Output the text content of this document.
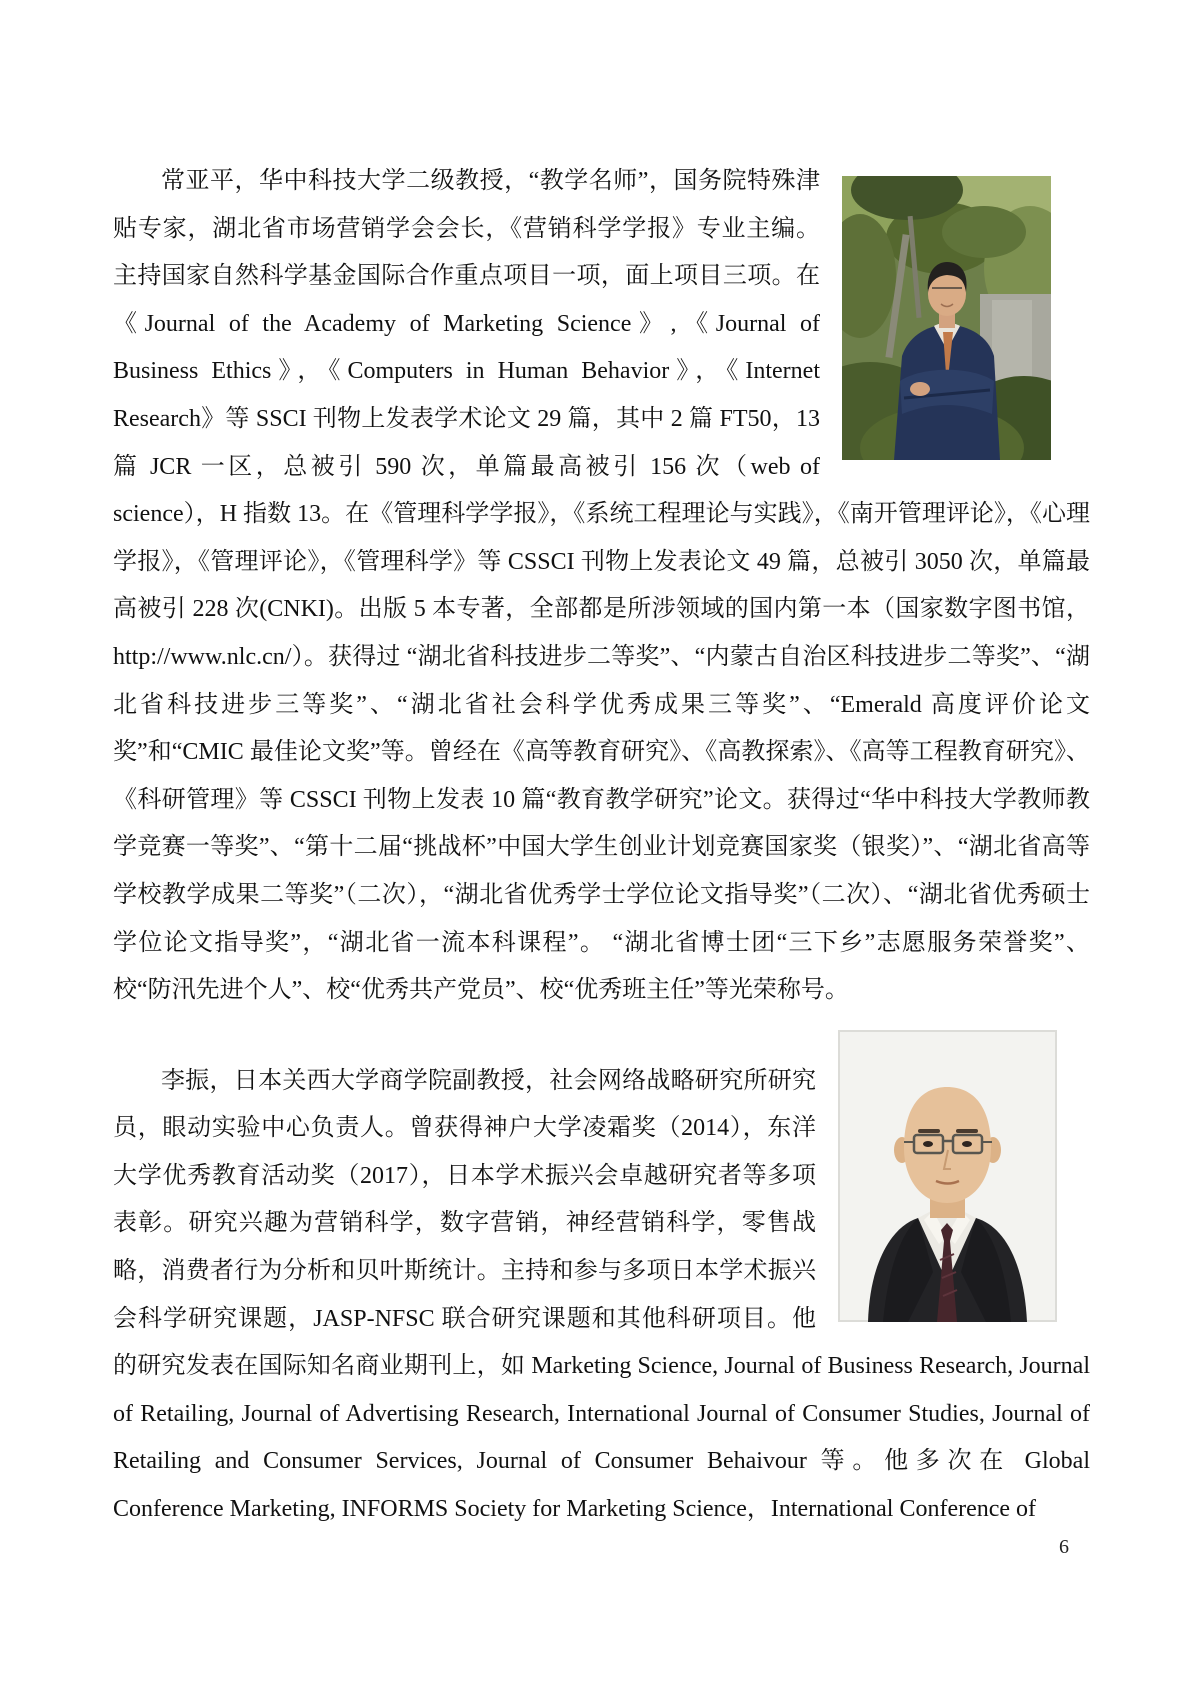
常亚平，华中科技大学二级教授，“教学名师”，国务院特殊津贴专家，湖北省市场营销学会会长，《营销科学学报》专业主编。主持国家自然科学基金国际合作重点项目一项，面上项目三项。在《Journal of the Academy of Marketing Science》,《Journal of Business Ethics》，《Computers in Human Behavior》，《Internet Research》等 SSCI 刊物上发表学术论文 29 篇，其中 2 篇 FT50，13 篇 JCR 一区，总被引 590 次，单篇最高被引 156 次（web of science），H 指数 13。在《管理科学学报》，《系统工程理论与实践》，《南开管理评论》，《心理学报》，《管理评论》，《管理科学》等 CSSCI 刊物上发表论文 49 篇，总被引 3050 次，单篇最高被引 228 次(CNKI)。出版 5 本专著，全部都是所涉领域的国内第一本（国家数字图书馆，http://www.nlc.cn/）。获得过 “湖北省科技进步二等奖”、“内蒙古自治区科技进步二等奖”、“湖北省科技进步三等奖”、“湖北省社会科学优秀成果三等奖”、“Emerald 高度评价论文奖”和“CMIC 最佳论文奖”等。曾经在《高等教育研究》、《高教探索》、《高等工程教育研究》、《科研管理》等 CSSCI 刊物上发表 10 篇“教育教学研究”论文。获得过“华中科技大学教师教学竞赛一等奖”、“第十二届“挑战杯”中国大学生创业计划竞赛国家奖（银奖）”、“湖北省高等学校教学成果二等奖”（二次），“湖北省优秀学士学位论文指导奖”（二次）、“湖北省优秀硕士学位论文指导奖”，“湖北省一流本科课程”。 “湖北省博士团“三下乡”志愿服务荣誉奖”、校“防汛先进个人”、校“优秀共产党员”、校“优秀班主任”等光荣称号。

李振，日本关西大学商学院副教授，社会网络战略研究所研究员，眼动实验中心负责人。曾获得神户大学凌霜奖（2014），东洋大学优秀教育活动奖（2017），日本学术振兴会卓越研究者等多项表彰。研究兴趣为营销科学，数字营销，神经营销科学，零售战略，消费者行为分析和贝叶斯统计。主持和参与多项日本学术振兴会科学研究课题，JASP-NFSC 联合研究课题和其他科研项目。他的研究发表在国际知名商业期刊上，如 Marketing Science, Journal of Business Research, Journal of Retailing, Journal of Advertising Research, International Journal of Consumer Studies, Journal of Retailing and Consumer Services, Journal of Consumer Behaivour 等。他多次在 Global Conference Marketing, INFORMS Society for Marketing Science，International Conference of

6
